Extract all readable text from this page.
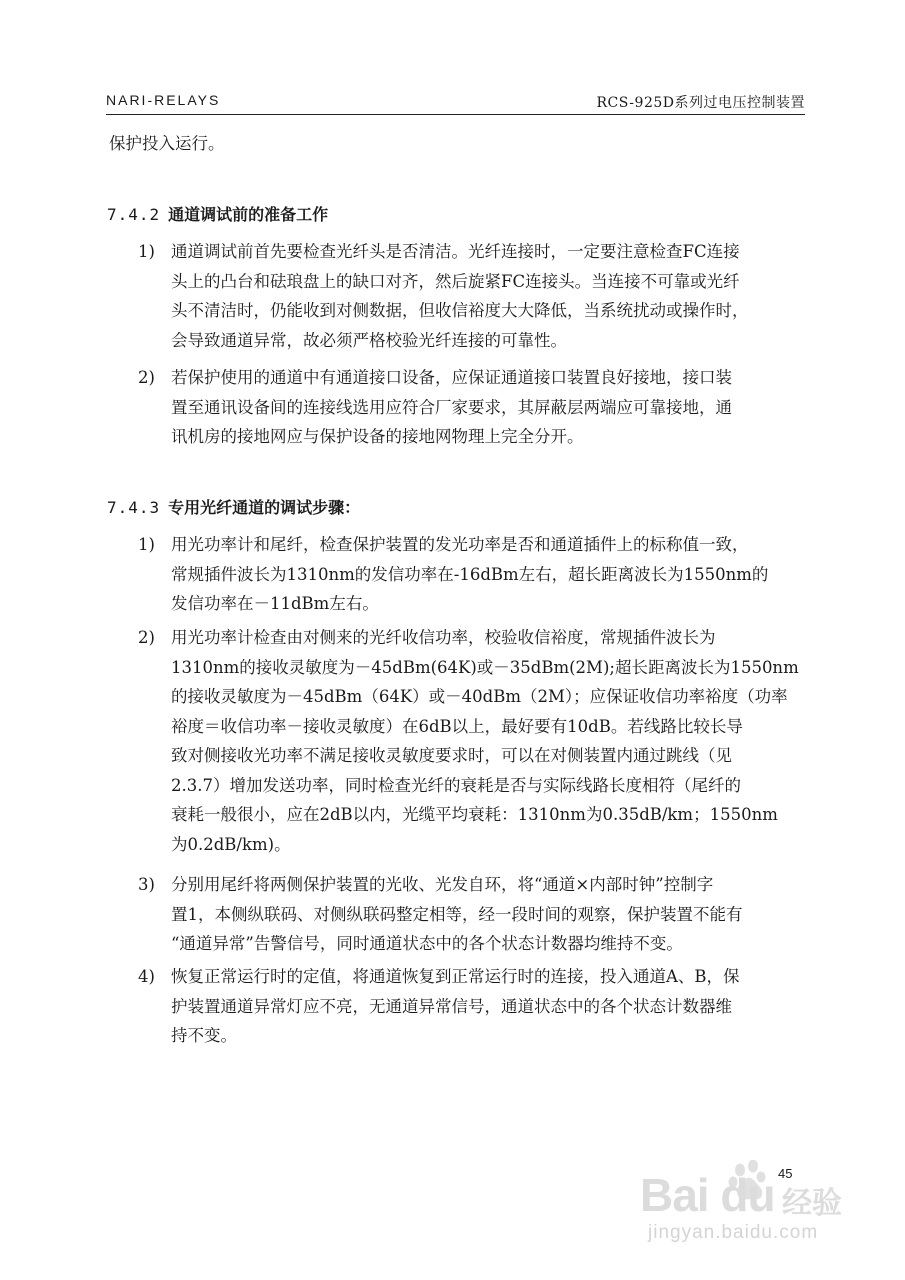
NARI-RELAYS	RCS-925D系列过电压控制装置
保护投入运行。
7.4.2 通道调试前的准备工作
1) 通道调试前首先要检查光纤头是否清洁。光纤连接时，一定要注意检查FC连接
头上的凸台和砝琅盘上的缺口对齐，然后旋紧FC连接头。当连接不可靠或光纤
头不清洁时，仍能收到对侧数据，但收信裕度大大降低，当系统扰动或操作时，
会导致通道异常，故必须严格校验光纤连接的可靠性。
2) 若保护使用的通道中有通道接口设备，应保证通道接口装置良好接地，接口装
置至通讯设备间的连接线选用应符合厂家要求，其屏蔽层两端应可靠接地，通
讯机房的接地网应与保护设备的接地网物理上完全分开。
7.4.3 专用光纤通道的调试步骤：
1) 用光功率计和尾纤，检查保护装置的发光功率是否和通道插件上的标称值一致，
常规插件波长为1310nm的发信功率在-16dBm左右，超长距离波长为1550nm的
发信功率在－11dBm左右。
2) 用光功率计检查由对侧来的光纤收信功率，校验收信裕度，常规插件波长为
1310nm的接收灵敏度为－45dBm(64K)或－35dBm(2M);超长距离波长为1550nm
的接收灵敏度为－45dBm（64K）或－40dBm（2M）；应保证收信功率裕度（功率
裕度＝收信功率－接收灵敏度）在6dB以上，最好要有10dB。若线路比较长导
致对侧接收光功率不满足接收灵敏度要求时，可以在对侧装置内通过跳线（见
2.3.7）增加发送功率，同时检查光纤的衰耗是否与实际线路长度相符（尾纤的
衰耗一般很小，应在2dB以内，光缆平均衰耗：1310nm为0.35dB/km；1550nm
为0.2dB/km)。
3) 分别用尾纤将两侧保护装置的光收、光发自环，将“通道×内部时钟”控制字
置1，本侧纵联码、对侧纵联码整定相等，经一段时间的观察，保护装置不能有
“通道异常”告警信号，同时通道状态中的各个状态计数器均维持不变。
4) 恢复正常运行时的定值，将通道恢复到正常运行时的连接，投入通道A、B，保
护装置通道异常灯应不亮，无通道异常信号，通道状态中的各个状态计数器维
持不变。
45
Bai du 经验
jingyan.baidu.com
